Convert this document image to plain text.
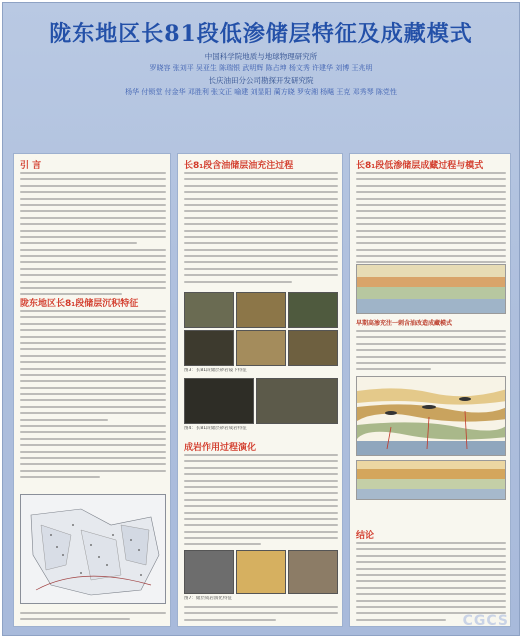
陇东地区长81段低渗储层特征及成藏模式
中国科学院地质与地球物理研究所
罗晓容 张刘平 吴亚生 陈瑞银 武明辉 陈占坤 杨文秀 许建华 刘博 王兆明
长庆油田分公司勘探开发研究院
杨华 付锁堂 付金华 邓胜利 张文正 喻建 刘显阳 蔺方晓 罗安湘 杨飚 王克 邓秀琴 陈党性
引 言
陇东地区长8₁段储层沉积特征
长8₁段含油储层油充注过程
图3：长81段储层砂岩镜下特征
图4：长81段储层砂岩成岩特征
成岩作用过程演化
图7：储层成岩演化特征
长8₁段低渗储层成藏过程与模式
早期高渗充注一刺含油改造成藏模式
结论
CGCS
